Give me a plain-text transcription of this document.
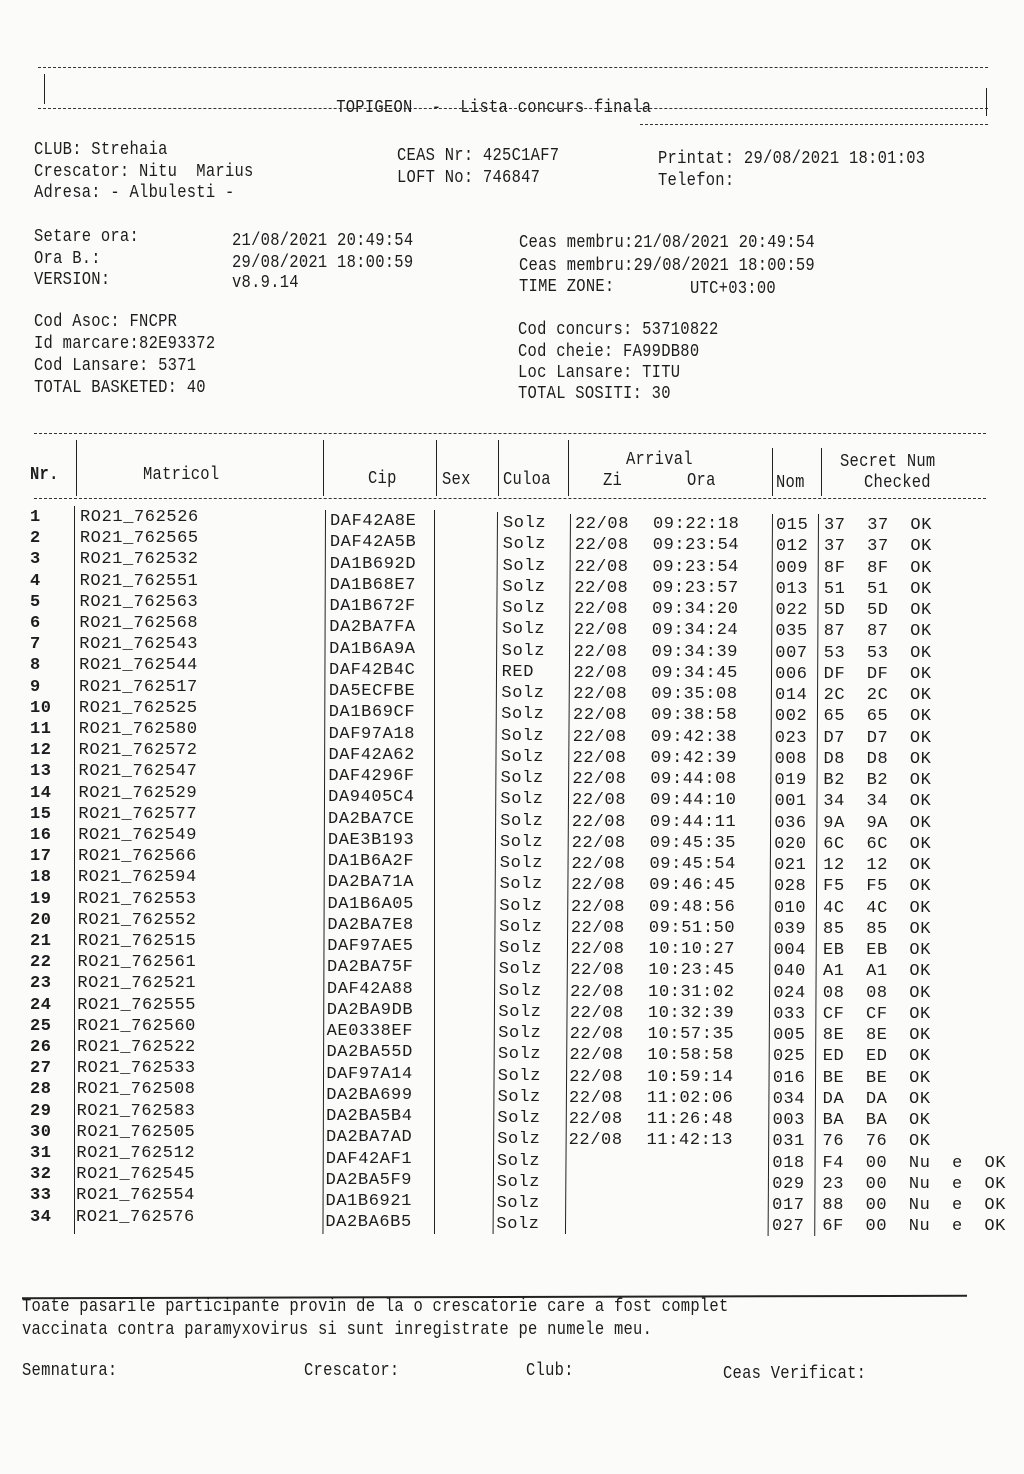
TOPIGEON - Lista concurs finala

CLUB: Strehaia
Crescator: Nitu  Marius
Adresa: - Albulesti -
CEAS Nr: 425C1AF7
LOFT No: 746847
Printat: 29/08/2021 18:01:03
Telefon:
Setare ora:	21/08/2021 20:49:54
Ora B.:	29/08/2021 18:00:59
VERSION:	v8.9.14
Ceas membru:21/08/2021 20:49:54
Ceas membru:29/08/2021 18:00:59
TIME ZONE:	UTC+03:00
Cod Asoc: FNCPR
Id marcare:82E93372
Cod Lansare: 5371
TOTAL BASKETED: 40
Cod concurs: 53710822
Cod cheie: FA99DB80
Loc Lansare: TITU
TOTAL SOSITI: 30
Nr.	Matricol	Cip	Sex Culoa
Arrival
Zi	Ora	Nom
Secret Num
Checked
1 RO21_762526	DAF42A8E	Solz 22/08 09:22:18 015 37  37  OK
2 RO21_762565	DAF42A5B	Solz 22/08 09:23:54 012 37  37  OK
3 RO21_762532	DA1B692D	Solz 22/08 09:23:54 009 8F  8F  OK
4 RO21_762551	DA1B68E7	Solz 22/08 09:23:57 013 51  51  OK
5 RO21_762563	DA1B672F	Solz 22/08 09:34:20 022 5D  5D  OK
6 RO21_762568	DA2BA7FA	Solz 22/08 09:34:24 035 87  87  OK
7 RO21_762543	DA1B6A9A	Solz 22/08 09:34:39 007 53  53  OK
8 RO21_762544	DAF42B4C	RED 22/08 09:34:45 006 DF  DF  OK
9 RO21_762517	DA5ECFBE	Solz 22/08 09:35:08 014 2C  2C  OK
10 RO21_762525	DA1B69CF	Solz 22/08 09:38:58 002 65  65  OK
11 RO21_762580	DAF97A18	Solz 22/08 09:42:38 023 D7  D7  OK
12 RO21_762572	DAF42A62	Solz 22/08 09:42:39 008 D8  D8  OK
13 RO21_762547	DAF4296F	Solz 22/08 09:44:08 019 B2  B2  OK
14 RO21_762529	DA9405C4	Solz 22/08 09:44:10 001 34  34  OK
15 RO21_762577	DA2BA7CE	Solz 22/08 09:44:11 036 9A  9A  OK
16 RO21_762549	DAE3B193	Solz 22/08 09:45:35 020 6C  6C  OK
17 RO21_762566	DA1B6A2F	Solz 22/08 09:45:54 021 12  12  OK
18 RO21_762594	DA2BA71A	Solz 22/08 09:46:45 028 F5  F5  OK
19 RO21_762553	DA1B6A05	Solz 22/08 09:48:56 010 4C  4C  OK
20 RO21_762552	DA2BA7E8	Solz 22/08 09:51:50 039 85  85  OK
21 RO21_762515	DAF97AE5	Solz 22/08 10:10:27 004 EB  EB  OK
22 RO21_762561	DA2BA75F	Solz 22/08 10:23:45 040 A1  A1  OK
23 RO21_762521	DAF42A88	Solz 22/08 10:31:02 024 08  08  OK
24 RO21_762555	DA2BA9DB	Solz 22/08 10:32:39 033 CF  CF  OK
25 RO21_762560	AE0338EF	Solz 22/08 10:57:35 005 8E  8E  OK
26 RO21_762522	DA2BA55D	Solz 22/08 10:58:58 025 ED  ED  OK
27 RO21_762533	DAF97A14	Solz 22/08 10:59:14 016 BE  BE  OK
28 RO21_762508	DA2BA699	Solz 22/08 11:02:06 034 DA  DA  OK
29 RO21_762583	DA2BA5B4	Solz 22/08 11:26:48 003 BA  BA  OK
30 RO21_762505	DA2BA7AD	Solz 22/08 11:42:13 031 76  76  OK
31 RO21_762512	DAF42AF1	Solz	018 F4  00  Nu  e  OK
32 RO21_762545	DA2BA5F9	Solz	029 23  00  Nu  e  OK
33 RO21_762554	DA1B6921	Solz	017 88  00  Nu  e  OK
34 RO21_762576	DA2BA6B5	Solz	027 6F  00  Nu  e  OK
Toate pasarile participante provin de la o crescatorie care a fost complet
vaccinata contra paramyxovirus si sunt inregistrate pe numele meu.
Semnatura:	Crescator:	Club:	Ceas Verificat:
